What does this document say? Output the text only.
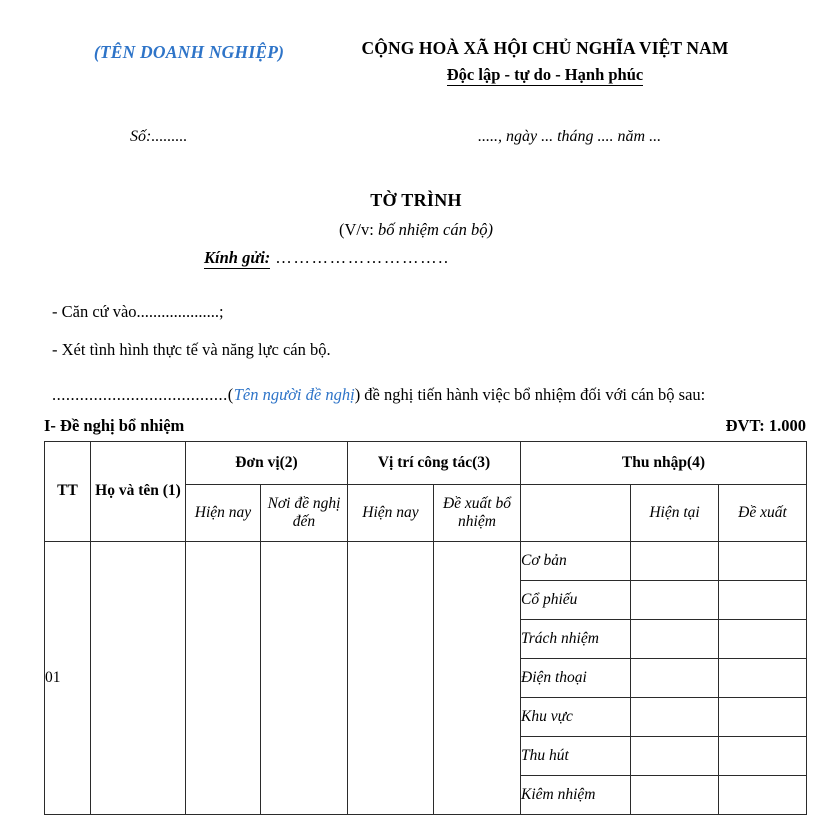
(TÊN DOANH NGHIỆP)	CỘNG HOÀ XÃ HỘI CHỦ NGHĨA VIỆT NAM
Độc lập - tự do - Hạnh phúc
Số:.........	....., ngày ... tháng .... năm ...
TỜ TRÌNH
(V/v: bố nhiệm cán bộ)
Kính gửi: ………………………..
- Căn cứ vào....................;
- Xét tình hình thực tế và năng lực cán bộ.
......................................(Tên người đề nghị) đề nghị tiến hành việc bổ nhiệm đối với cán bộ sau:
I- Đề nghị bổ nhiệm	ĐVT: 1.000
TT	Họ và tên (1)	Đơn vị(2)		Vị trí công tác(3)		Thu nhập(4)		
		Hiện nay	Nơi đề nghị đến	Hiện nay	Đề xuất bổ nhiệm		Hiện tại	Đề xuất
01						Cơ bản		
						Cổ phiếu		
						Trách nhiệm		
						Điện thoại		
						Khu vực		
						Thu hút		
						Kiêm nhiệm		
